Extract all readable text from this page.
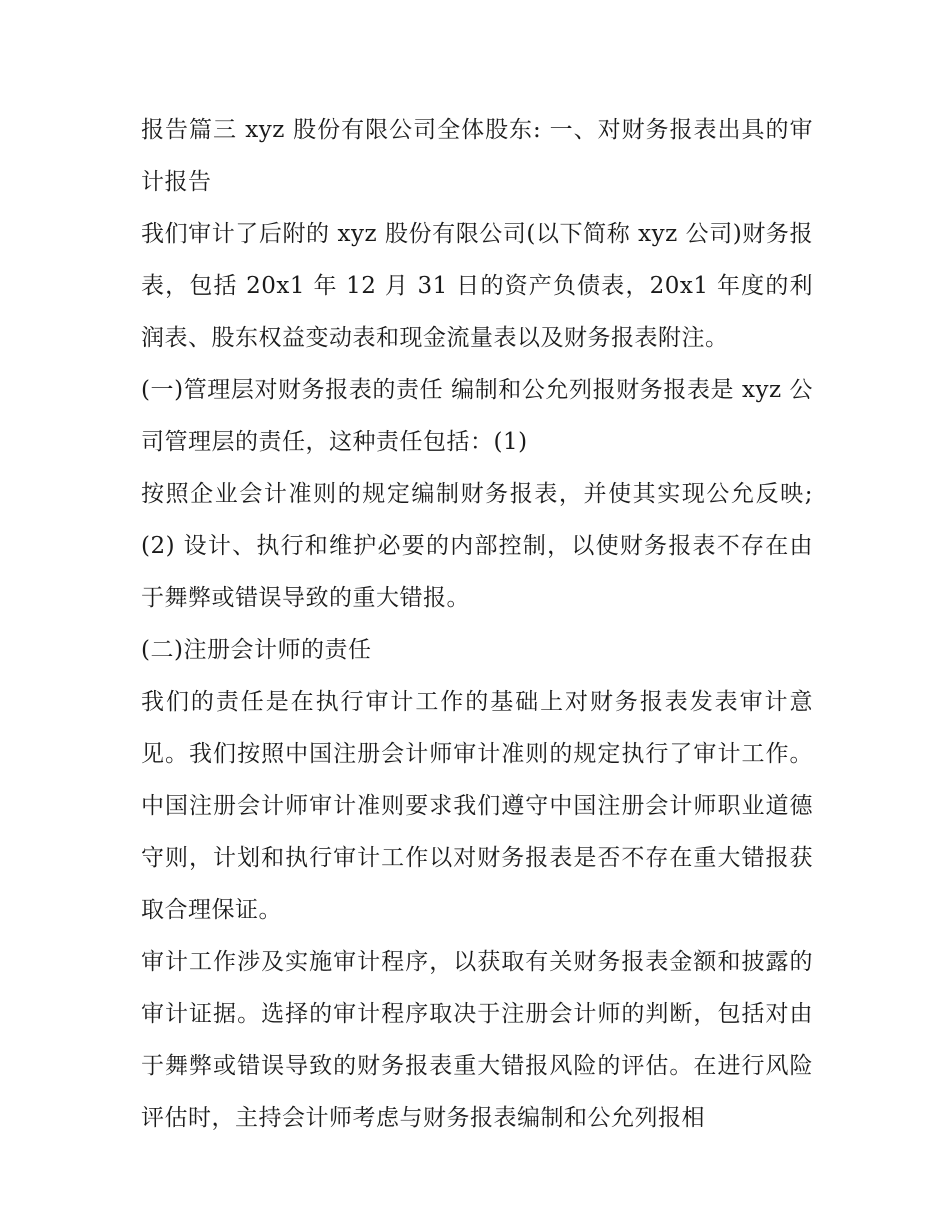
报告篇三 xyz 股份有限公司全体股东: 一、对财务报表出具的审计报告

我们审计了后附的 xyz 股份有限公司(以下简称 xyz 公司)财务报表，包括 20x1 年 12 月 31 日的资产负债表，20x1 年度的利润表、股东权益变动表和现金流量表以及财务报表附注。

(一)管理层对财务报表的责任 编制和公允列报财务报表是 xyz 公司管理层的责任，这种责任包括：(1)

按照企业会计准则的规定编制财务报表，并使其实现公允反映;(2) 设计、执行和维护必要的内部控制，以使财务报表不存在由于舞弊或错误导致的重大错报。

(二)注册会计师的责任

我们的责任是在执行审计工作的基础上对财务报表发表审计意见。我们按照中国注册会计师审计准则的规定执行了审计工作。中国注册会计师审计准则要求我们遵守中国注册会计师职业道德守则，计划和执行审计工作以对财务报表是否不存在重大错报获取合理保证。

审计工作涉及实施审计程序，以获取有关财务报表金额和披露的审计证据。选择的审计程序取决于注册会计师的判断，包括对由于舞弊或错误导致的财务报表重大错报风险的评估。在进行风险评估时，主持会计师考虑与财务报表编制和公允列报相
